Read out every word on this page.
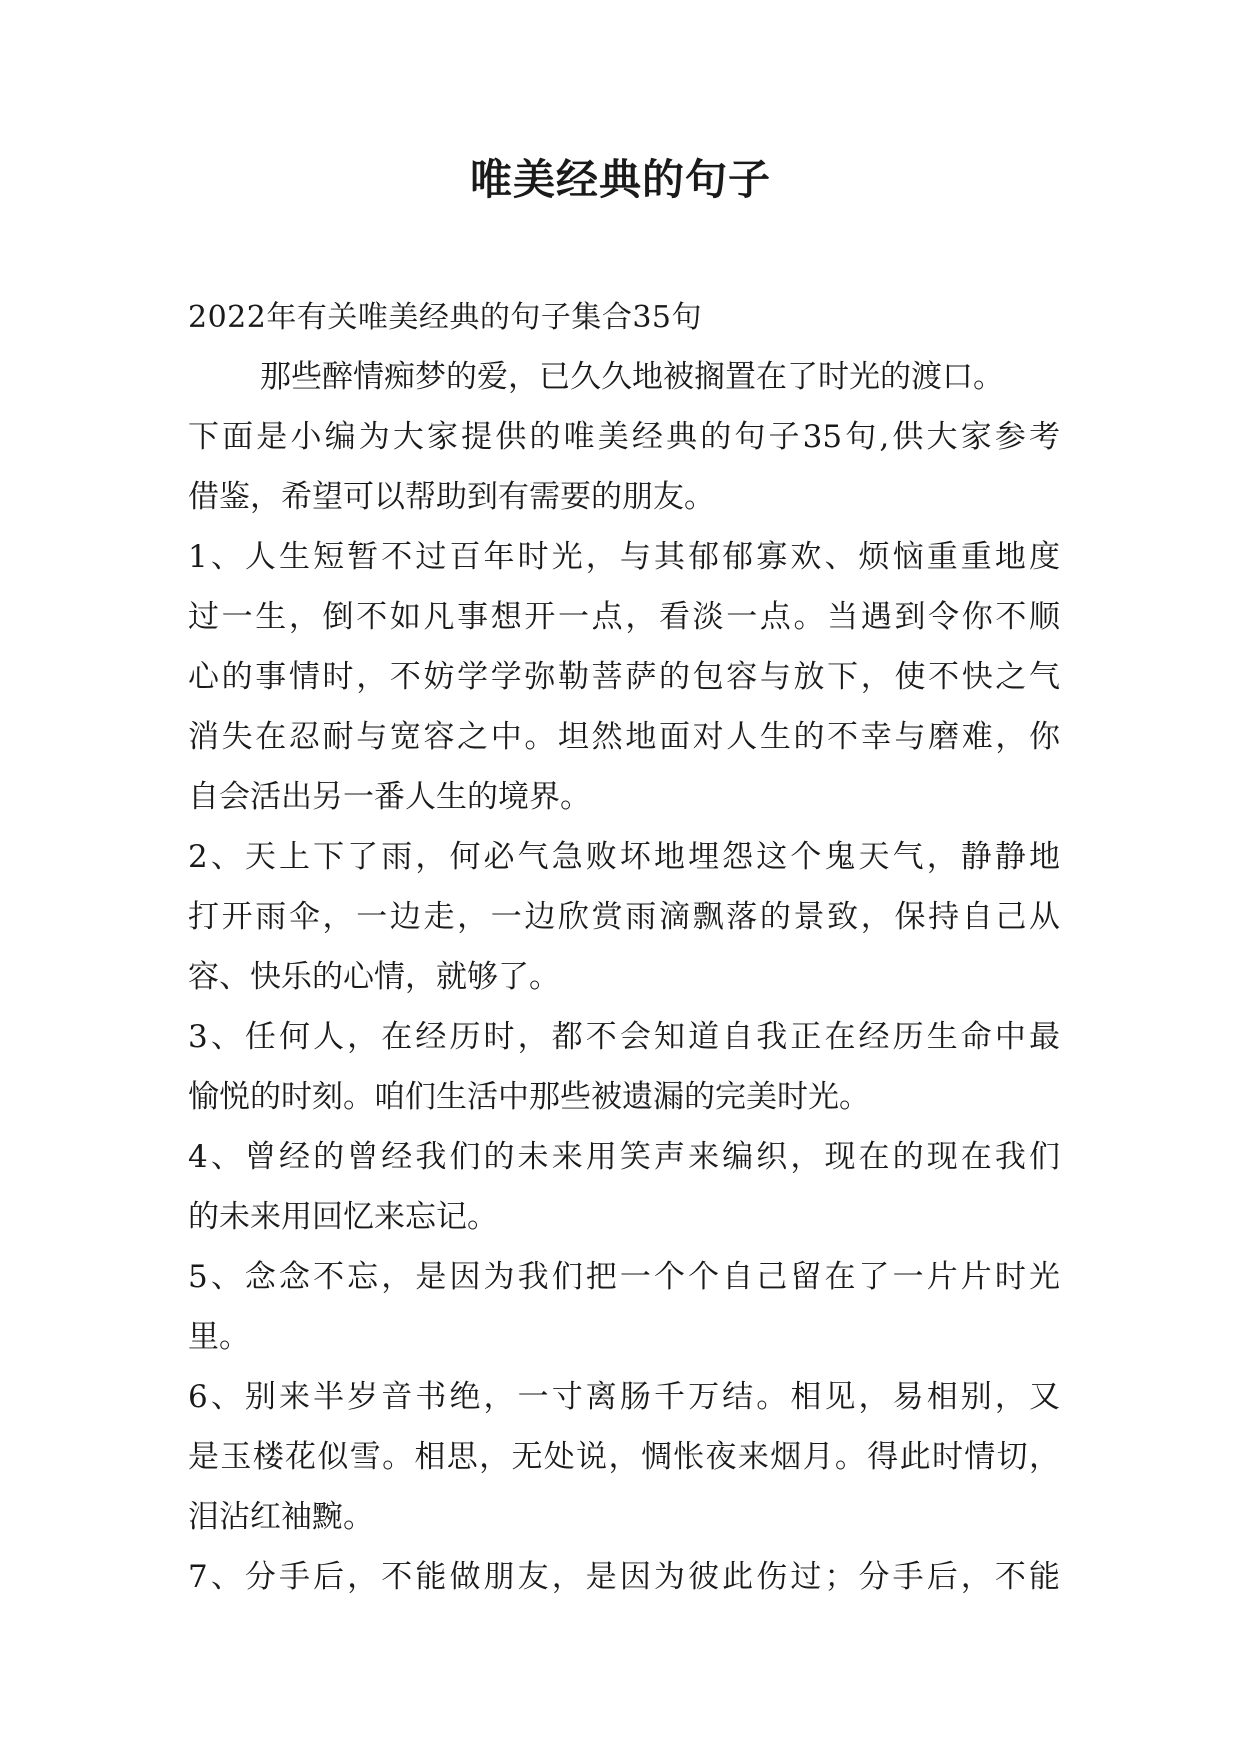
唯美经典的句子
2022年有关唯美经典的句子集合35句
那些醉情痴梦的爱，已久久地被搁置在了时光的渡口。
下面是小编为大家提供的唯美经典的句子35句,供大家参考
借鉴，希望可以帮助到有需要的朋友。
1、人生短暂不过百年时光，与其郁郁寡欢、烦恼重重地度
过一生，倒不如凡事想开一点，看淡一点。当遇到令你不顺
心的事情时，不妨学学弥勒菩萨的包容与放下，使不快之气
消失在忍耐与宽容之中。坦然地面对人生的不幸与磨难，你
自会活出另一番人生的境界。
2、天上下了雨，何必气急败坏地埋怨这个鬼天气，静静地
打开雨伞，一边走，一边欣赏雨滴飘落的景致，保持自己从
容、快乐的心情，就够了。
3、任何人，在经历时，都不会知道自我正在经历生命中最
愉悦的时刻。咱们生活中那些被遗漏的完美时光。
4、曾经的曾经我们的未来用笑声来编织，现在的现在我们
的未来用回忆来忘记。
5、念念不忘，是因为我们把一个个自己留在了一片片时光
里。
6、别来半岁音书绝，一寸离肠千万结。相见，易相别，又
是玉楼花似雪。相思，无处说，惆怅夜来烟月。得此时情切，
泪沾红袖黦。
7、分手后，不能做朋友，是因为彼此伤过；分手后，不能
